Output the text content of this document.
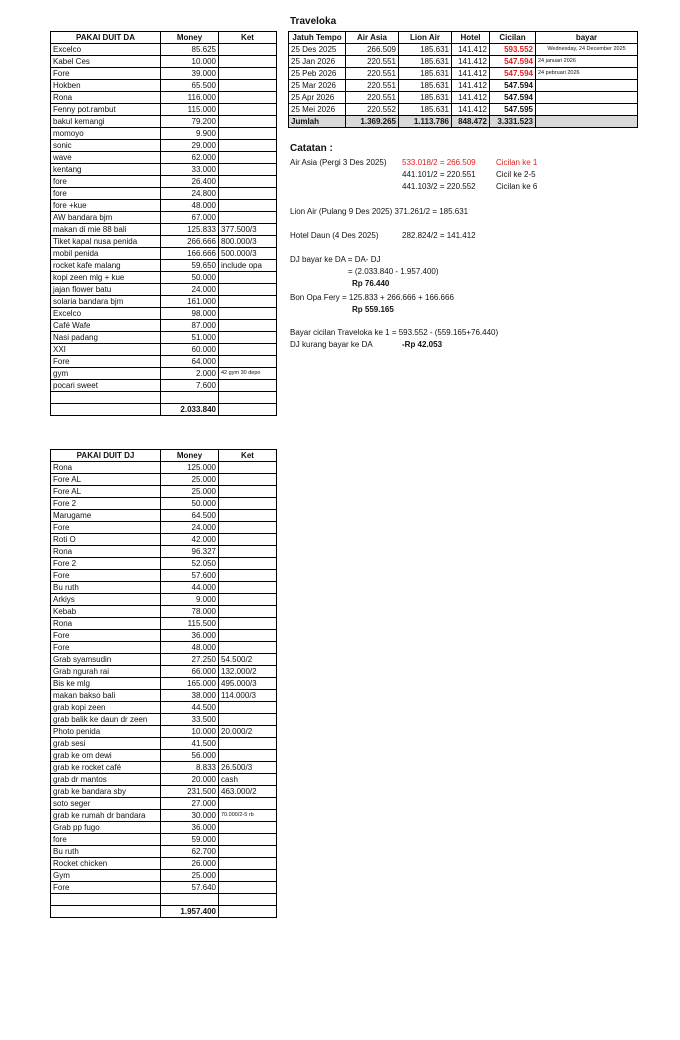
PAKAI DUIT DA	Money	Ket
Excelco	85.625	
Kabel Ces	10.000	
Fore	39.000	
Hokben	65.500	
Rona	116.000	
Fenny pot.rambut	115.000	
bakul kemangi	79.200	
momoyo	9.900	
sonic	29.000	
wave	62.000	
kentang	33.000	
fore	26.400	
fore	24.800	
fore +kue	48.000	
AW bandara bjm	67.000	
makan di mie 88 bali	125.833	377.500/3
Tiket kapal nusa penida	266.666	800.000/3
mobil penida	166.666	500.000/3
rocket kafe malang	59.650	include opa
kopi zeen mlg + kue	50.000	
jajan flower batu	24.000	
solaria bandara bjm	161.000	
Excelco	98.000	
Café Wafe	87.000	
Nasi padang	51.000	
XXI	60.000	
Fore	64.000	
gym	2.000	42 gym 30 depo
pocari sweet	7.600	

	2.033.840	
PAKAI DUIT DJ	Money	Ket
Rona	125.000	
Fore AL	25.000	
Fore AL	25.000	
Fore 2	50.000	
Marugame	64.500	
Fore	24.000	
Roti O	42.000	
Rona	96.327	
Fore 2	52.050	
Fore	57.600	
Bu ruth	44.000	
Arkiys	9.000	
Kebab	78.000	
Rona	115.500	
Fore	36.000	
Fore	48.000	
Grab syamsudin	27.250	54.500/2
Grab ngurah rai	66.000	132.000/2
Bis ke mlg	165.000	495.000/3
makan bakso bali	38.000	114.000/3
grab kopi zeen	44.500	
grab balik ke daun dr zeen	33.500	
Photo penida	10.000	20.000/2
grab sesi	41.500	
grab ke om dewi	56.000	
grab ke rocket café	8.833	26.500/3
grab dr mantos	20.000	cash
grab ke bandara sby	231.500	463.000/2
soto seger	27.000	
grab ke rumah dr bandara	30.000	70.000/2-5 rb
Grab pp fugo	36.000	
fore	59.000	
Bu ruth	62.700	
Rocket chicken	26.000	
Gym	25.000	
Fore	57.640	

	1.957.400	
Traveloka
Jatuh Tempo	Air Asia	Lion Air	Hotel	Cicilan	bayar
25 Des 2025	266.509	185.631	141.412	593.552	Wednesday, 24 December 2025
25 Jan 2026	220.551	185.631	141.412	547.594	24 januari 2026
25 Peb 2026	220.551	185.631	141.412	547.594	24 pebruari 2026
25 Mar 2026	220.551	185.631	141.412	547.594	
25 Apr 2026	220.551	185.631	141.412	547.594	
25 Mei 2026	220.552	185.631	141.412	547.595	
Jumlah	1.369.265	1.113.786	848.472	3.331.523	
Catatan :
Air Asia (Pergi 3 Des 2025) 533.018/2 = 266.509	Cicilan ke 1
441.101/2 = 220.551	Cicil ke 2-5
441.103/2 = 220.552	Cicilan ke 6
Lion Air (Pulang 9 Des 2025) 371.261/2 = 185.631
Hotel Daun (4 Des 2025)	282.824/2 = 141.412
DJ bayar ke DA = DA- DJ
= (2.033.840 - 1.957.400)
Rp 76.440
Bon Opa Fery = 125.833 + 266.666 + 166.666
Rp 559.165
Bayar cicilan Traveloka ke 1 = 593.552 - (559.165+76.440)
DJ kurang bayar ke DA	-Rp 42.053
